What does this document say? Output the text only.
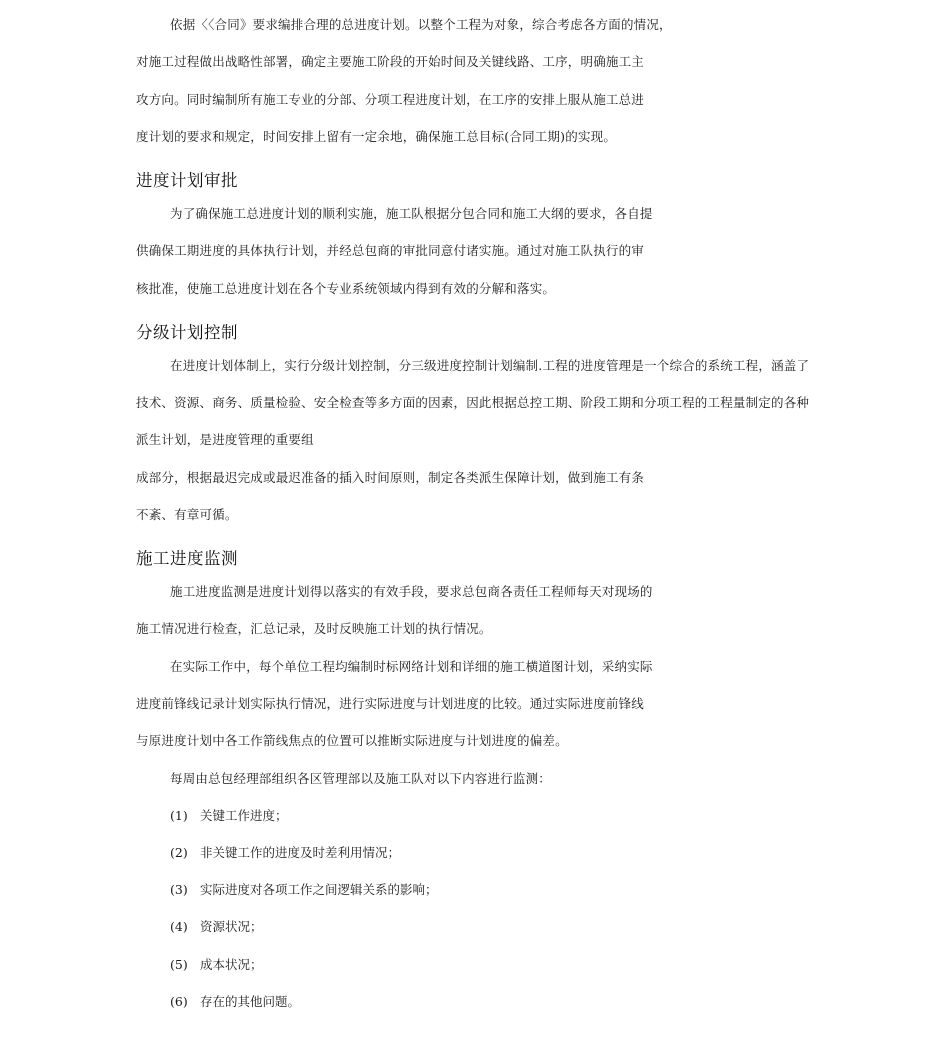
依据〈〈合同》要求编排合理的总进度计划。以整个工程为对象，综合考虑各方面的情况，
对施工过程做出战略性部署，确定主要施工阶段的开始时间及关键线路、工序，明确施工主
攻方向。同时编制所有施工专业的分部、分项工程进度计划，在工序的安排上服从施工总进
度计划的要求和规定，时间安排上留有一定余地，确保施工总目标(合同工期)的实现。
进度计划审批
为了确保施工总进度计划的顺利实施，施工队根据分包合同和施工大纲的要求，各自提
供确保工期进度的具体执行计划，并经总包商的审批同意付诸实施。通过对施工队执行的审
核批准，使施工总进度计划在各个专业系统领域内得到有效的分解和落实。
分级计划控制
在进度计划体制上，实行分级计划控制，分三级进度控制计划编制.工程的进度管理是一个综合的系统工程，涵盖了
技术、资源、商务、质量检验、安全检查等多方面的因素，因此根据总控工期、阶段工期和分项工程的工程量制定的各种
派生计划，是进度管理的重要组
成部分，根据最迟完成或最迟准备的插入时间原则，制定各类派生保障计划，做到施工有条
不紊、有章可循。
施工进度监测
施工进度监测是进度计划得以落实的有效手段，要求总包商各责任工程师每天对现场的
施工情况进行检查，汇总记录，及时反映施工计划的执行情况。
在实际工作中，每个单位工程均编制时标网络计划和详细的施工横道图计划，采纳实际
进度前锋线记录计划实际执行情况，进行实际进度与计划进度的比较。通过实际进度前锋线
与原进度计划中各工作箭线焦点的位置可以推断实际进度与计划进度的偏差。
每周由总包经理部组织各区管理部以及施工队对以下内容进行监测：
(1) 关键工作进度；
(2) 非关键工作的进度及时差利用情况；
(3) 实际进度对各项工作之间逻辑关系的影响；
(4) 资源状况；
(5) 成本状况；
(6) 存在的其他问题。
